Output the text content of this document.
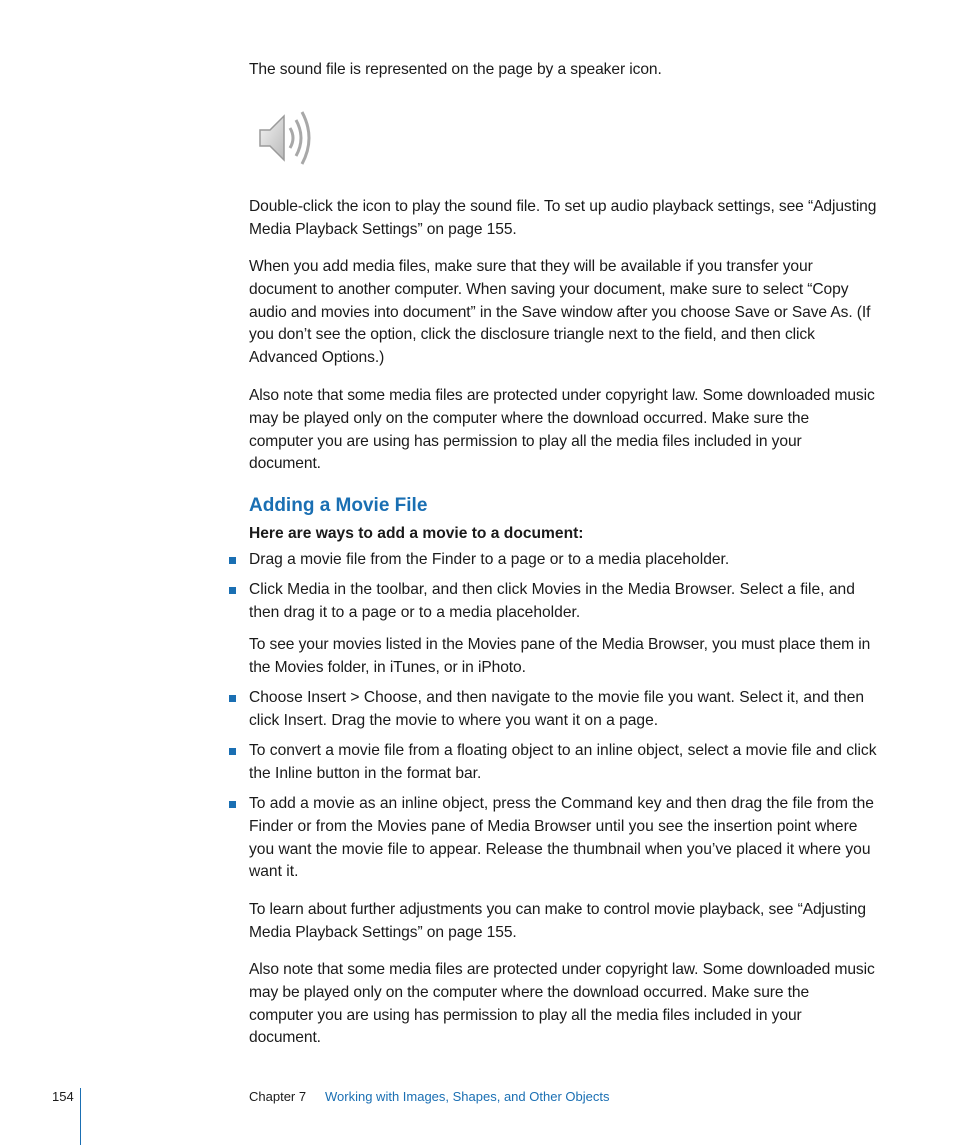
The sound file is represented on the page by a speaker icon.

Double-click the icon to play the sound file. To set up audio playback settings, see “Adjusting Media Playback Settings” on page 155.

When you add media files, make sure that they will be available if you transfer your document to another computer. When saving your document, make sure to select “Copy audio and movies into document” in the Save window after you choose Save or Save As. (If you don’t see the option, click the disclosure triangle next to the field, and then click Advanced Options.)

Also note that some media files are protected under copyright law. Some downloaded music may be played only on the computer where the download occurred. Make sure the computer you are using has permission to play all the media files included in your document.

Adding a Movie File

Here are ways to add a movie to a document:

Drag a movie file from the Finder to a page or to a media placeholder.
Click Media in the toolbar, and then click Movies in the Media Browser. Select a file, and then drag it to a page or to a media placeholder.

To see your movies listed in the Movies pane of the Media Browser, you must place them in the Movies folder, in iTunes, or in iPhoto.

Choose Insert > Choose, and then navigate to the movie file you want. Select it, and then click Insert. Drag the movie to where you want it on a page.
To convert a movie file from a floating object to an inline object, select a movie file and click the Inline button in the format bar.
To add a movie as an inline object, press the Command key and then drag the file from the Finder or from the Movies pane of Media Browser until you see the insertion point where you want the movie file to appear. Release the thumbnail when you’ve placed it where you want it.

To learn about further adjustments you can make to control movie playback, see “Adjusting Media Playback Settings” on page 155.

Also note that some media files are protected under copyright law. Some downloaded music may be played only on the computer where the download occurred. Make sure the computer you are using has permission to play all the media files included in your document.

154	Chapter 7 Working with Images, Shapes, and Other Objects
